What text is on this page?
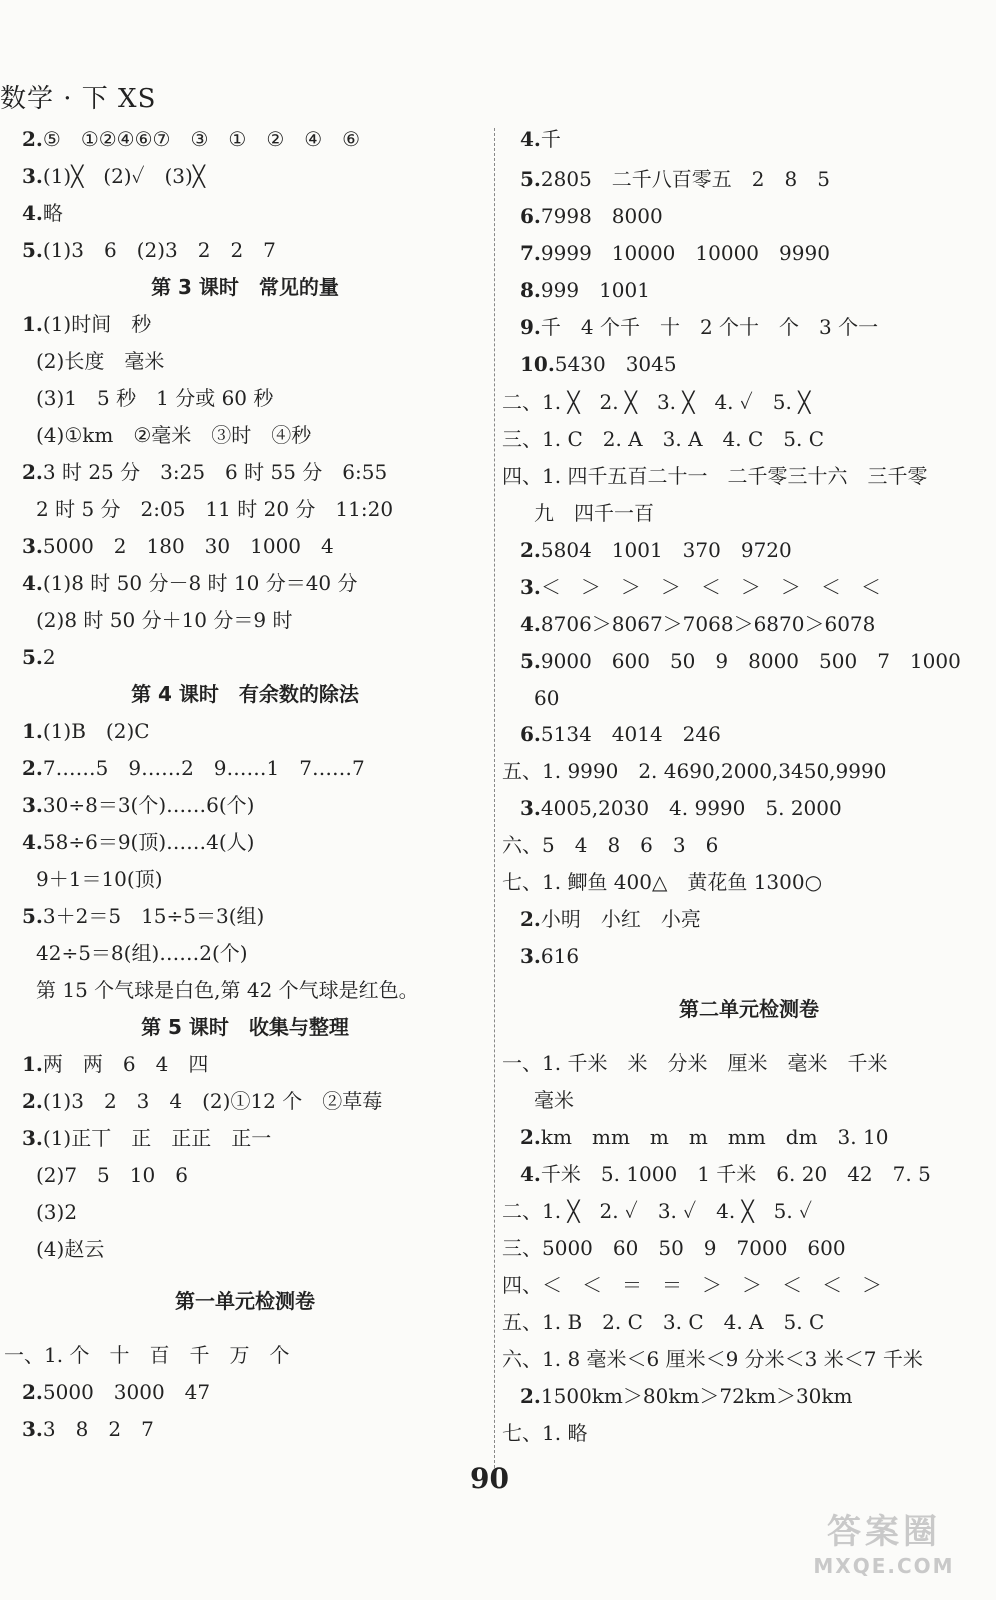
数学 · 下 XS
2.⑤　①②④⑥⑦　③　①　②　④　⑥
3.(1)╳　(2)✓　(3)╳
4.略
5.(1)3　6　(2)3　2　2　7
第 3 课时　常见的量
1.(1)时间　秒
(2)长度　毫米
(3)1　5 秒　1 分或 60 秒
(4)①km　②毫米　③时　④秒
2.3 时 25 分　3:25　6 时 55 分　6:55
2 时 5 分　2:05　11 时 20 分　11:20
3.5000　2　180　30　1000　4
4.(1)8 时 50 分－8 时 10 分＝40 分
(2)8 时 50 分＋10 分＝9 时
5.2
第 4 课时　有余数的除法
1.(1)B　(2)C
2.7……5　9……2　9……1　7……7
3.30÷8＝3(个)……6(个)
4.58÷6＝9(顶)……4(人)
9＋1＝10(顶)
5.3＋2＝5　15÷5＝3(组)
42÷5＝8(组)……2(个)
第 15 个气球是白色,第 42 个气球是红色。
第 5 课时　收集与整理
1.两　两　6　4　四
2.(1)3　2　3　4　(2)①12 个　②草莓
3.(1)正丅　正　正正　正一
(2)7　5　10　6
(3)2
(4)赵云
第一单元检测卷
一、1. 个　十　百　千　万　个
2.5000　3000　47
3.3　8　2　7
4.千
5.2805　二千八百零五　2　8　5
6.7998　8000
7.9999　10000　10000　9990
8.999　1001
9.千　4 个千　十　2 个十　个　3 个一
10.5430　3045
二、1. ╳　2. ╳　3. ╳　4. ✓　5. ╳
三、1. C　2. A　3. A　4. C　5. C
四、1. 四千五百二十一　二千零三十六　三千零
九　四千一百
2.5804　1001　370　9720
3.＜　＞　＞　＞　＜　＞　＞　＜　＜
4.8706＞8067＞7068＞6870＞6078
5.9000　600　50　9　8000　500　7　1000
60
6.5134　4014　246
五、1. 9990　2. 4690,2000,3450,9990
3.4005,2030　4. 9990　5. 2000
六、5　4　8　6　3　6
七、1. 鲫鱼 400△　黄花鱼 1300○
2.小明　小红　小亮
3.616
第二单元检测卷
一、1. 千米　米　分米　厘米　毫米　千米
毫米
2.km　mm　m　m　mm　dm　3. 10
4.千米　5. 1000　1 千米　6. 20　42　7. 5
二、1. ╳　2. ✓　3. ✓　4. ╳　5. ✓
三、5000　60　50　9　7000　600
四、＜　＜　＝　＝　＞　＞　＜　＜　＞
五、1. B　2. C　3. C　4. A　5. C
六、1. 8 毫米＜6 厘米＜9 分米＜3 米＜7 千米
2.1500km＞80km＞72km＞30km
七、1. 略
90
答案圈
MXQE.COM
